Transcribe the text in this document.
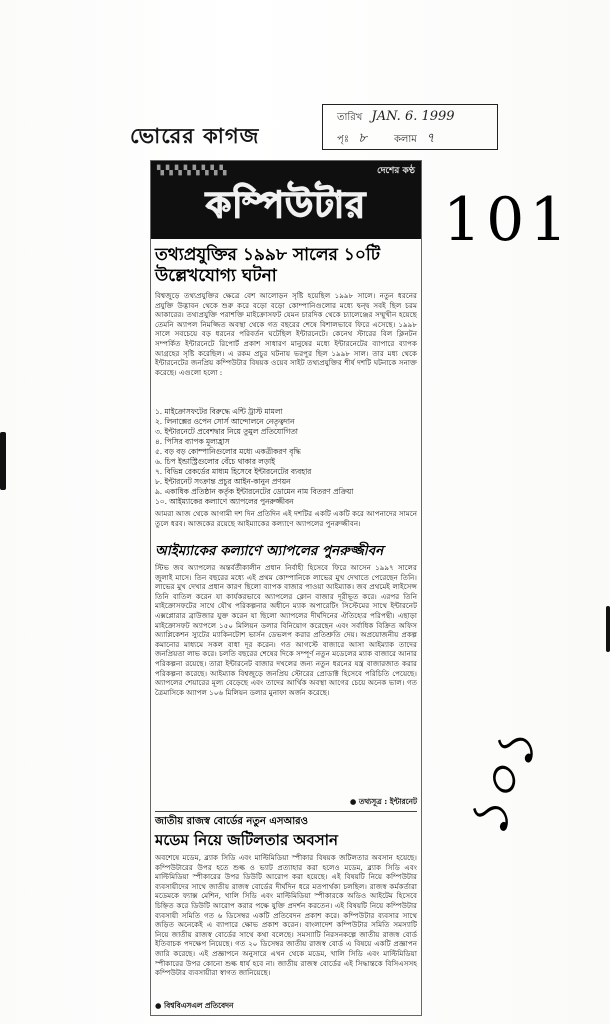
ভোরের কাগজ
তারিখ JAN. 6. 1999
পৃঃ ৮	কলাম ৭
101
১০১
▚▚▚▚▚▚▚▚	দেশের কণ্ঠ
কম্পিউটার
তথ্যপ্রযুক্তির ১৯৯৮ সালের ১০টি উল্লেখযোগ্য ঘটনা
বিশ্বজুড়ে তথ্যপ্রযুক্তির ক্ষেত্রে বেশ আলোড়ন সৃষ্টি হয়েছিল ১৯৯৮ সালে। নতুন ধরনের প্রযুক্তি উদ্ভাবন থেকে শুরু করে বড়ো বড়ো কোম্পানিগুলোর মধ্যে দ্বন্দ্ব সবই ছিল চরম আকারের। তথ্যপ্রযুক্তি পরাশক্তি মাইক্রোসফট যেমন চারদিক থেকে চ্যালেঞ্জের সম্মুখীন হয়েছে তেমনি অ্যাপল নিমজ্জিত অবস্থা থেকে গত বছরের শেষে বিশালভাবে ফিরে এসেছে। ১৯৯৮ সালে সবচেয়ে বড় ধরনের পরিবর্তন ঘটেছিল ইন্টারনেটে। কেনেথ স্টারের বিল ক্লিনটন সম্পর্কিত ইন্টারনেটে রিপোর্ট প্রকাশ সাধারণ মানুষের মধ্যে ইন্টারনেটের ব্যাপারে ব্যাপক আগ্রহের সৃষ্টি করেছিল। এ রকম প্রচুর ঘটনায় ভরপুর ছিল ১৯৯৮ সাল। তার মধ্য থেকে ইন্টারনেটের জনপ্রিয় কম্পিউটার বিষয়ক ওয়েব সাইট তথ্যপ্রযুক্তির শীর্ষ দশটি ঘটনাকে সনাক্ত করেছে। এগুলো হলো :
১. মাইক্রোসফটের বিরুদ্ধে এন্টি ট্রাস্ট মামলা
২. লিনাক্সের ওপেন সোর্স আন্দোলনে নেতৃত্বদান
৩. ইন্টারনেটে প্রবেশদ্বার নিয়ে তুমুল প্রতিযোগিতা
৪. পিসির ব্যাপক মূল্যহ্রাস
৫. বড় বড় কোম্পানিগুলোর মধ্যে একত্রীকরণ বৃদ্ধি
৬. চিপ ইন্ডাস্ট্রিগুলোর বেঁচে থাকার লড়াই
৭. বিভিন্ন রেকর্ডের মাধ্যম হিসেবে ইন্টারনেটের ব্যবহার
৮. ইন্টারনেট সংক্রান্ত প্রচুর আইন-কানুন প্রণয়ন
৯. একাধিক প্রতিষ্ঠান কর্তৃক ইন্টারনেটের ডোমেন নাম বিতরণ প্রক্রিয়া
১০. আইম্যাকের কল্যাণে অ্যাপলের পুনরুজ্জীবন
আমরা আজ থেকে আগামী দশ দিন প্রতিদিন এই দশটির একটি একটি করে আপনাদের সামনে তুলে ধরব। আজকের রয়েছে আইম্যাকের কল্যাণে অ্যাপলের পুনরুজ্জীবন।
আইম্যাকের কল্যাণে অ্যাপলের পুনরুজ্জীবন
স্টিভ জব অ্যাপলের অন্তর্বর্তীকালীন প্রধান নির্বাহী হিসেবে ফিরে আসেন ১৯৯৭ সালের জুলাই মাসে। তিন বছরের মধ্যে এই প্রথম কোম্পানিকে লাভের মুখ দেখাতে পেরেছেন তিনি। লাভের মুখ দেখার প্রধান কারণ ছিলো ব্যাপক বাজার পাওয়া আইম্যাক। জব প্রথমেই লাইসেন্স তিনি বাতিল করেন যা কার্যকরভাবে অ্যাপলের ক্লোন বাজার দূরীভূত করে। এরপর তিনি মাইক্রোসফটের সাথে যৌথ পরিকল্পনার অধীনে ম্যাক অপারেটিং সিস্টেমের সাথে ইন্টারনেট এক্সপ্লোরার ব্রাউজার যুক্ত করেন যা ছিলো অ্যাপলের দীর্ঘদিনের ঐতিহ্যের পরিপন্থী। এছাড়া মাইক্রোসফট অ্যাপলে ১৫০ মিলিয়ন ডলার বিনিয়োগ করেছেন এবং সর্বাধিক বিক্রিত অফিস অ্যাপ্লিকেশন স্যুটের ম্যাকিনটোশ ভার্সন ডেভলপ করার প্রতিশ্রুতি দেয়। অপ্রয়োজনীয় প্রকল্প কমানোর মাধ্যমে সকল বাধা দূর করেন। গত আগস্টে বাজারে আসা আইম্যাক তাদের জনপ্রিয়তা লাভ করে। চলতি বছরের শেষের দিকে সম্পূর্ণ নতুন মডেলের ম্যাক বাজারে আনার পরিকল্পনা রয়েছে। তারা ইন্টারনেট বাজার দখলের জন্য নতুন ধরনের যন্ত্র বাজারজাত করার পরিকল্পনা করেছে। আইম্যাক বিশ্বজুড়ে জনপ্রিয় স্টোরের প্রোডাক্ট হিসেবে পরিচিতি পেয়েছে। অ্যাপলের শেয়ারের মূল্য বেড়েছে এবং তাদের আর্থিক অবস্থা আগের চেয়ে অনেক ভাল। গত ত্রৈমাসিকে অ্যাপল ১০৬ মিলিয়ন ডলার মুনাফা অর্জন করেছে।
● তথ্যসূত্র : ইন্টারনেট
জাতীয় রাজস্ব বোর্ডের নতুন এসআরও
মডেম নিয়ে জটিলতার অবসান
অবশেষে মডেম, ব্ল্যাক সিডি এবং মাল্টিমিডিয়া স্পীকার বিষয়ক জটিলতার অবসান হয়েছে। কম্পিউটারের উপর হতে শুল্ক ও ভ্যাট প্রত্যাহার করা হলেও মডেম, ব্ল্যাক সিডি এবং মাল্টিমিডিয়া স্পীকারের উপর ডিউটি আরোপ করা হয়েছে। এই বিষয়টি নিয়ে কম্পিউটার ব্যবসায়ীদের সাথে জাতীয় রাজস্ব বোর্ডের দীর্ঘদিন ধরে মতপার্থক্য চলছিল। রাজস্ব কর্মকর্তারা মডেমকে ফ্যাক্স মেশিন, খালি সিডি এবং মাল্টিমিডিয়া স্পীকারকে অডিও আইটেম হিসেবে চিহ্নিত করে ডিউটি আরোপ করার পক্ষে যুক্তি প্রদর্শন করতেন। এই বিষয়টি নিয়ে কম্পিউটার ব্যবসায়ী সমিতি গত ৬ ডিসেম্বর একটি প্রতিবেদন প্রকাশ করে। কম্পিউটার ব্যবসার সাথে জড়িত অনেকেই এ ব্যাপারে ক্ষোভ প্রকাশ করেন। বাংলাদেশ কম্পিউটার সমিতি সমস্যাটি নিয়ে জাতীয় রাজস্ব বোর্ডের সাথে কথা বলেছে। সমস্যাটি নিরসনকল্পে জাতীয় রাজস্ব বোর্ড ইতিবাচক পদক্ষেপ নিয়েছে। গত ২০ ডিসেম্বর জাতীয় রাজস্ব বোর্ড এ বিষয়ে একটি প্রজ্ঞাপন জারি করেছে। এই প্রজ্ঞাপনে অনুসারে এখন থেকে মডেম, খালি সিডি এবং মাল্টিমিডিয়া স্পীকারের উপর কোনো শুল্ক ধার্য হবে না। জাতীয় রাজস্ব বোর্ডের এই সিদ্ধান্তকে বিসিএসসহ কম্পিউটার ব্যবসায়ীরা স্বাগত জানিয়েছে।
● বিশ্ববিএসএল প্রতিবেদন
